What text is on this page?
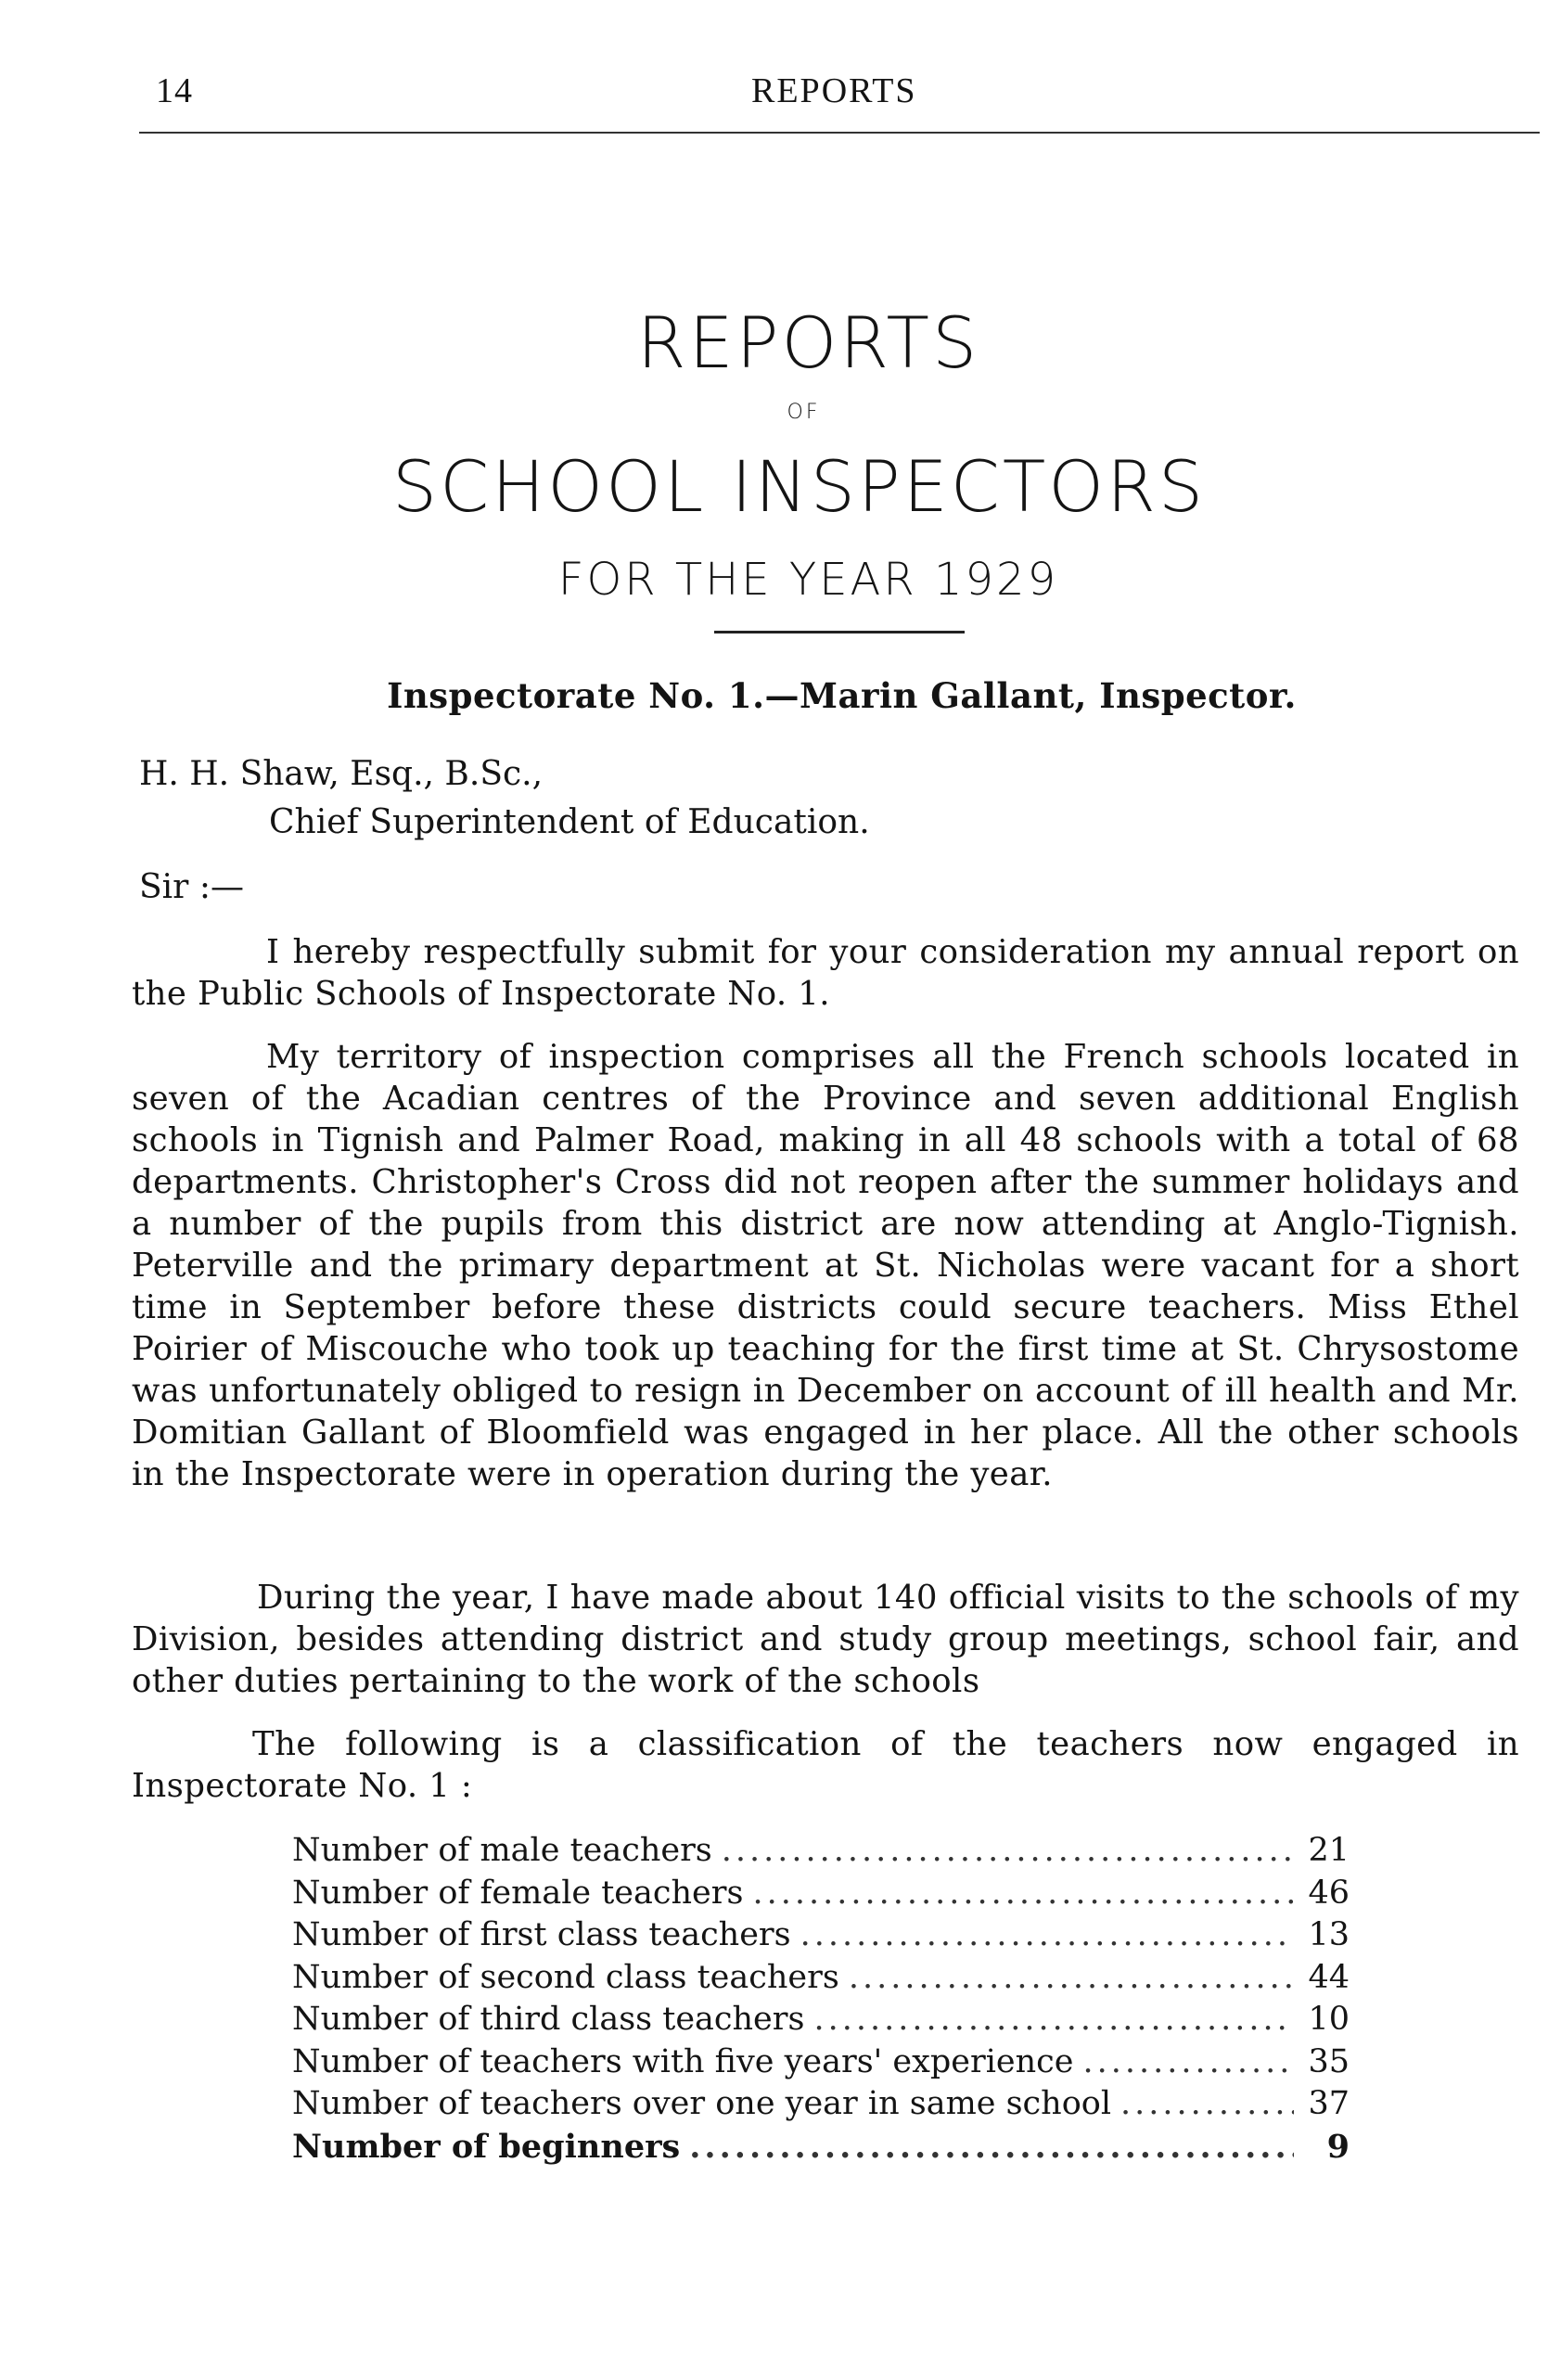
14	REPORTS
REPORTS
OF
SCHOOL INSPECTORS
FOR THE YEAR 1929
Inspectorate No. 1.—Marin Gallant, Inspector.
H. H. Shaw, Esq., B.Sc.,
Chief Superintendent of Education.
Sir :—

I hereby respectfully submit for your consideration my annual report on the Public Schools of Inspectorate No. 1.

My territory of inspection comprises all the French schools located in seven of the Acadian centres of the Province and seven additional English schools in Tignish and Palmer Road, making in all 48 schools with a total of 68 departments. Christopher's Cross did not reopen after the summer holidays and a number of the pupils from this district are now attending at Anglo-Tignish. Peterville and the primary department at St. Nicholas were vacant for a short time in September before these districts could secure teachers. Miss Ethel Poirier of Miscouche who took up teaching for the first time at St. Chrysostome was unfortunately obliged to resign in December on account of ill health and Mr. Domitian Gallant of Bloomfield was engaged in her place. All the other schools in the Inspectorate were in operation during the year.

During the year, I have made about 140 official visits to the schools of my Division, besides attending district and study group meetings, school fair, and other duties pertaining to the work of the schools

The following is a classification of the teachers now engaged in Inspectorate No. 1 :

Number of male teachers .....	21
Number of female teachers .....	46
Number of first class teachers .....	13
Number of second class teachers .....	44
Number of third class teachers .....	10
Number of teachers with five years' experience .....	35
Number of teachers over one year in same school .....	37
Number of beginners .....	9
